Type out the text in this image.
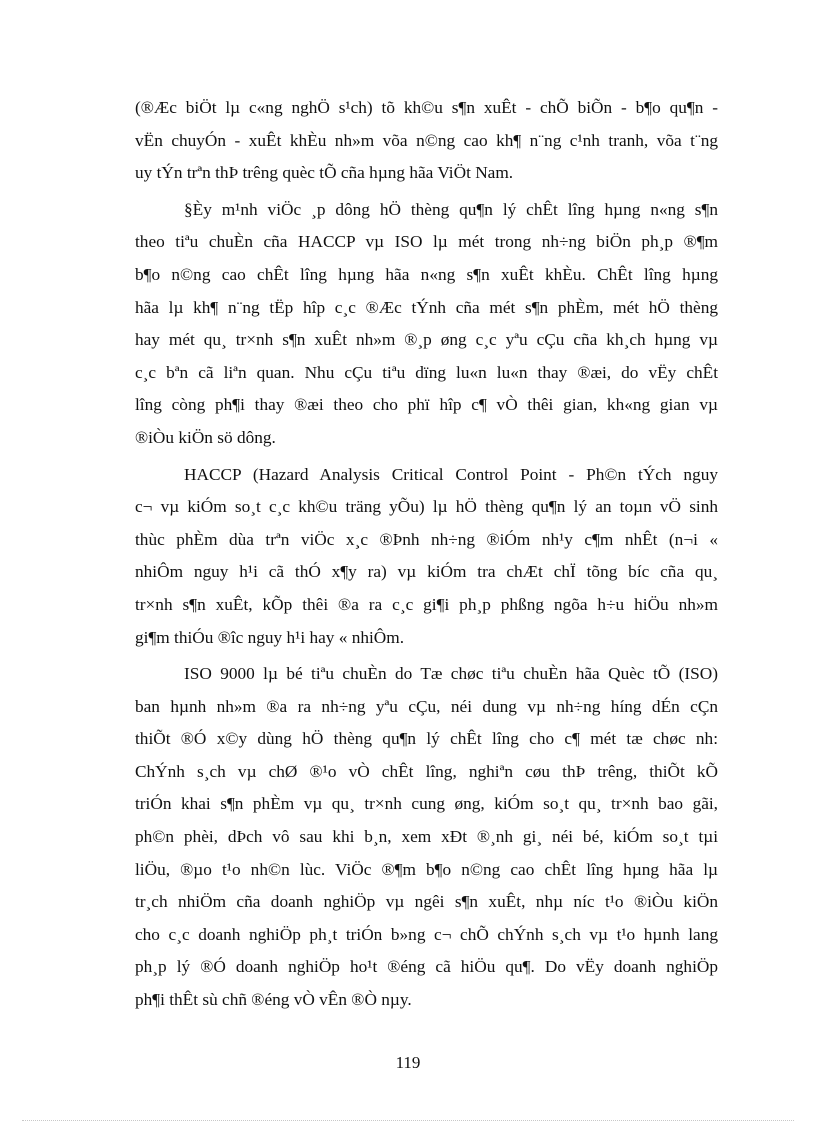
(®Æc biÖt lµ c«ng nghÖ s¹ch) tõ kh©u s¶n xuÊt - chÕ biÕn - b¶o qu¶n -
vËn chuyÓn - xuÊt khÈu nh»m võa n©ng cao kh¶ n¨ng c¹nh tranh, võa t¨ng
uy tÝn trªn thÞ trêng quèc tÕ cña hµng hãa ViÖt Nam.

§Èy m¹nh viÖc ¸p dông hÖ thèng qu¶n lý chÊt lîng hµng n«ng s¶n
theo tiªu chuÈn cña HACCP vµ ISO lµ mét trong nh÷ng biÖn ph¸p ®¶m
b¶o n©ng cao chÊt lîng hµng hãa n«ng s¶n xuÊt khÈu. ChÊt lîng hµng
hãa lµ kh¶ n¨ng tËp hîp c¸c ®Æc tÝnh cña mét s¶n phÈm, mét hÖ thèng
hay mét qu¸ tr×nh s¶n xuÊt nh»m ®¸p øng c¸c yªu cÇu cña kh¸ch hµng vµ
c¸c bªn cã liªn quan. Nhu cÇu tiªu dïng lu«n lu«n thay ®æi, do vËy chÊt
lîng còng ph¶i thay ®æi theo cho phï hîp c¶ vÒ thêi gian, kh«ng gian vµ
®iÒu kiÖn sö dông.

HACCP (Hazard Analysis Critical Control Point - Ph©n tÝch nguy
c¬ vµ kiÓm so¸t c¸c kh©u träng yÕu) lµ hÖ thèng qu¶n lý an toµn vÖ sinh
thùc phÈm dùa trªn viÖc x¸c ®Þnh nh÷ng ®iÓm nh¹y c¶m nhÊt (n¬i «
nhiÔm nguy h¹i cã thÓ x¶y ra) vµ kiÓm tra chÆt chÏ tõng bíc cña qu¸
tr×nh s¶n xuÊt, kÕp thêi ®a ra c¸c gi¶i ph¸p phßng ngõa h÷u hiÖu nh»m
gi¶m thiÓu ®îc nguy h¹i hay « nhiÔm.

ISO 9000 lµ bé tiªu chuÈn do Tæ chøc tiªu chuÈn hãa Quèc tÕ (ISO)
ban hµnh nh»m ®a ra nh÷ng yªu cÇu, néi dung vµ nh÷ng híng dÉn cÇn
thiÕt ®Ó x©y dùng hÖ thèng qu¶n lý chÊt lîng cho c¶ mét tæ chøc nh:
ChÝnh s¸ch vµ chØ ®¹o vÒ chÊt lîng, nghiªn cøu thÞ trêng, thiÕt kÕ
triÓn khai s¶n phÈm vµ qu¸ tr×nh cung øng, kiÓm so¸t qu¸ tr×nh bao gãi,
ph©n phèi, dÞch vô sau khi b¸n, xem xÐt ®¸nh gi¸ néi bé, kiÓm so¸t tµi
liÖu, ®µo t¹o nh©n lùc. ViÖc ®¶m b¶o n©ng cao chÊt lîng hµng hãa lµ
tr¸ch nhiÖm cña doanh nghiÖp vµ ngêi s¶n xuÊt, nhµ níc t¹o ®iÒu kiÖn
cho c¸c doanh nghiÖp ph¸t triÓn b»ng c¬ chÕ chÝnh s¸ch vµ t¹o hµnh lang
ph¸p lý ®Ó doanh nghiÖp ho¹t ®éng cã hiÖu qu¶. Do vËy doanh nghiÖp
ph¶i thÊt sù chñ ®éng vÒ vÊn ®Ò nµy.

119
